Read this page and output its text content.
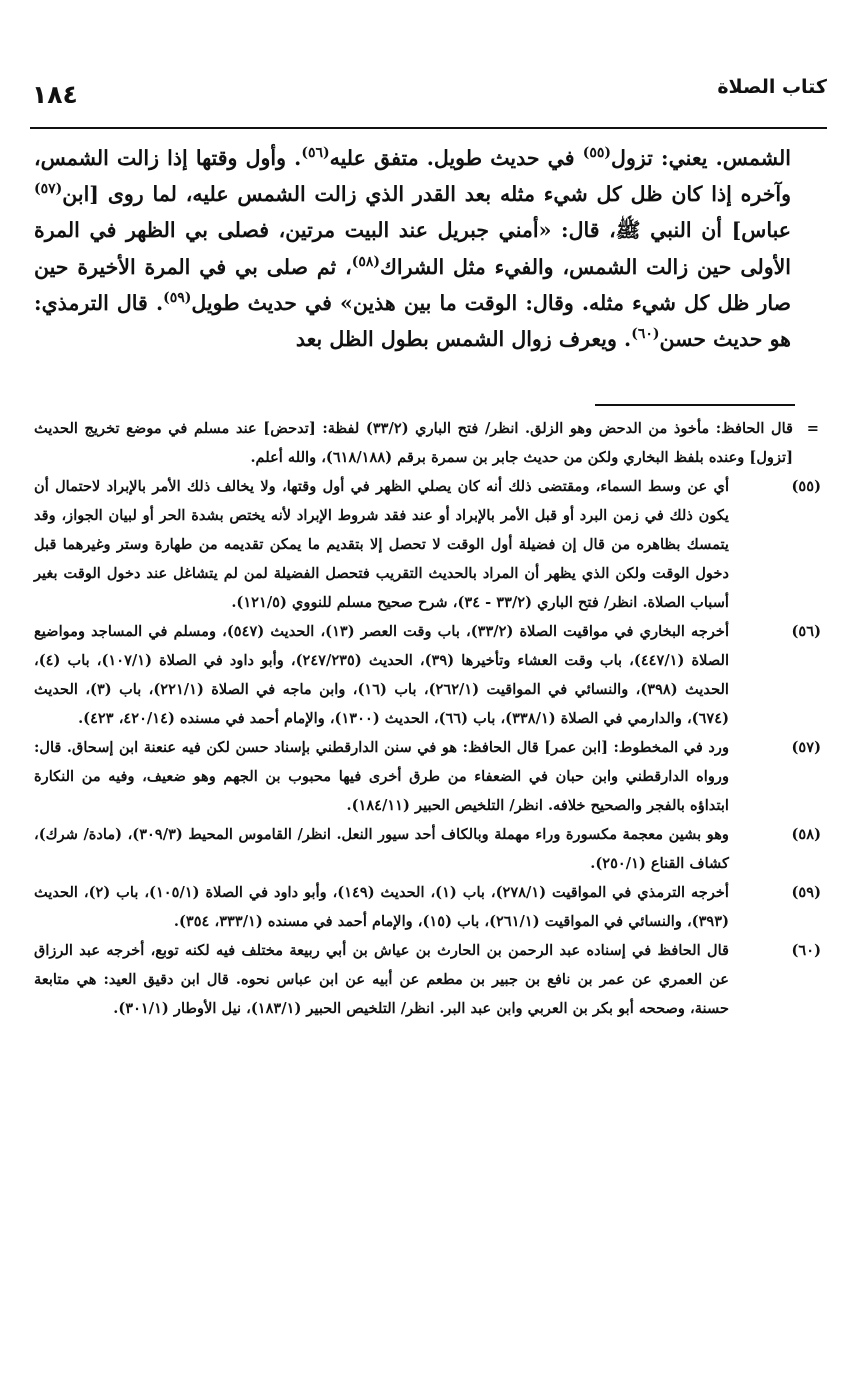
كتاب الصلاة
١٨٤

الشمس. يعني: تزول$^{(٥٥)}$ في حديث طويل. متفق عليه$^{(٥٦)}$. وأول وقتها إذا زالت الشمس، وآخره إذا كان ظل كل شيء مثله بعد القدر الذي زالت الشمس عليه، لما روى [ابن$^{(٥٧)}$ عباس] أن النبي ﷺ، قال: «أمني جبريل عند البيت مرتين، فصلى بي الظهر في المرة الأولى حين زالت الشمس، والفيء مثل الشراك$^{(٥٨)}$، ثم صلى بي في المرة الأخيرة حين صار ظل كل شيء مثله. وقال: الوقت ما بين هذين» في حديث طويل$^{(٥٩)}$. قال الترمذي: هو حديث حسن$^{(٦٠)}$. ويعرف زوال الشمس بطول الظل بعد

=
قال الحافظ: مأخوذ من الدحض وهو الزلق. انظر/ فتح الباري (٣٣/٢) لفظة: [تدحض] عند مسلم في موضع تخريج الحديث [تزول] وعنده بلفظ البخاري ولكن من حديث جابر بن سمرة برقم (٦١٨/١٨٨)، والله أعلم.
(٥٥)
أي عن وسط السماء، ومقتضى ذلك أنه كان يصلي الظهر في أول وقتها، ولا يخالف ذلك الأمر بالإبراد لاحتمال أن يكون ذلك في زمن البرد أو قبل الأمر بالإبراد أو عند فقد شروط الإبراد لأنه يختص بشدة الحر أو لبيان الجواز، وقد يتمسك بظاهره من قال إن فضيلة أول الوقت لا تحصل إلا بتقديم ما يمكن تقديمه من طهارة وستر وغيرهما قبل دخول الوقت ولكن الذي يظهر أن المراد بالحديث التقريب فتحصل الفضيلة لمن لم يتشاغل عند دخول الوقت بغير أسباب الصلاة. انظر/ فتح الباري (٣٣/٢ - ٣٤)، شرح صحيح مسلم للنووي (١٢١/٥).
(٥٦)
أخرجه البخاري في مواقيت الصلاة (٣٣/٢)، باب وقت العصر (١٣)، الحديث (٥٤٧)، ومسلم في المساجد ومواضيع الصلاة (٤٤٧/١)، باب وقت العشاء وتأخيرها (٣٩)، الحديث (٢٤٧/٢٣٥)، وأبو داود في الصلاة (١٠٧/١)، باب (٤)، الحديث (٣٩٨)، والنسائي في المواقيت (٢٦٢/١)، باب (١٦)، وابن ماجه في الصلاة (٢٢١/١)، باب (٣)، الحديث (٦٧٤)، والدارمي في الصلاة (٣٣٨/١)، باب (٦٦)، الحديث (١٣٠٠)، والإمام أحمد في مسنده (٤٢٠/١٤، ٤٢٣).
(٥٧)
ورد في المخطوط: [ابن عمر] قال الحافظ: هو في سنن الدارقطني بإسناد حسن لكن فيه عنعنة ابن إسحاق. قال: ورواه الدارقطني وابن حبان في الضعفاء من طرق أخرى فيها محبوب بن الجهم وهو ضعيف، وفيه من النكارة ابتداؤه بالفجر والصحيح خلافه. انظر/ التلخيص الحبير (١٨٤/١١).
(٥٨)
وهو بشين معجمة مكسورة وراء مهملة وبالكاف أحد سيور النعل. انظر/ القاموس المحيط (٣٠٩/٣)، (مادة/ شرك)، كشاف القناع (٢٥٠/١).
(٥٩)
أخرجه الترمذي في المواقيت (٢٧٨/١)، باب (١)، الحديث (١٤٩)، وأبو داود في الصلاة (١٠٥/١)، باب (٢)، الحديث (٣٩٣)، والنسائي في المواقيت (٢٦١/١)، باب (١٥)، والإمام أحمد في مسنده (٣٣٣/١، ٣٥٤).
(٦٠)
قال الحافظ في إسناده عبد الرحمن بن الحارث بن عياش بن أبي ربيعة مختلف فيه لكنه توبع، أخرجه عبد الرزاق عن العمري عن عمر بن نافع بن جبير بن مطعم عن أبيه عن ابن عباس نحوه. قال ابن دقيق العيد: هي متابعة حسنة، وصححه أبو بكر بن العربي وابن عبد البر. انظر/ التلخيص الحبير (١٨٣/١)، نيل الأوطار (٣٠١/١).
